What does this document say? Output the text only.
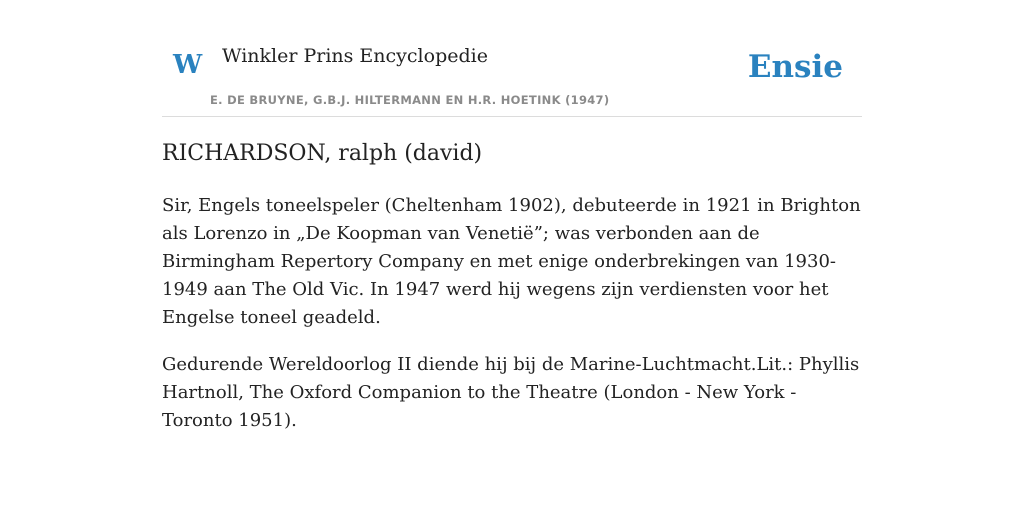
W Winkler Prins Encyclopedie
E. DE BRUYNE, G.B.J. HILTERMANN EN H.R. HOETINK (1947)
Ensie
RICHARDSON, ralph (david)

Sir, Engels toneelspeler (Cheltenham 1902), debuteerde in 1921 in Brighton als Lorenzo in „De Koopman van Venetië”; was verbonden aan de Birmingham Repertory Company en met enige onderbrekingen van 1930-1949 aan The Old Vic. In 1947 werd hij wegens zijn verdiensten voor het Engelse toneel geadeld.

Gedurende Wereldoorlog II diende hij bij de Marine-Luchtmacht.Lit.: Phyllis Hartnoll, The Oxford Companion to the Theatre (London - New York - Toronto 1951).
